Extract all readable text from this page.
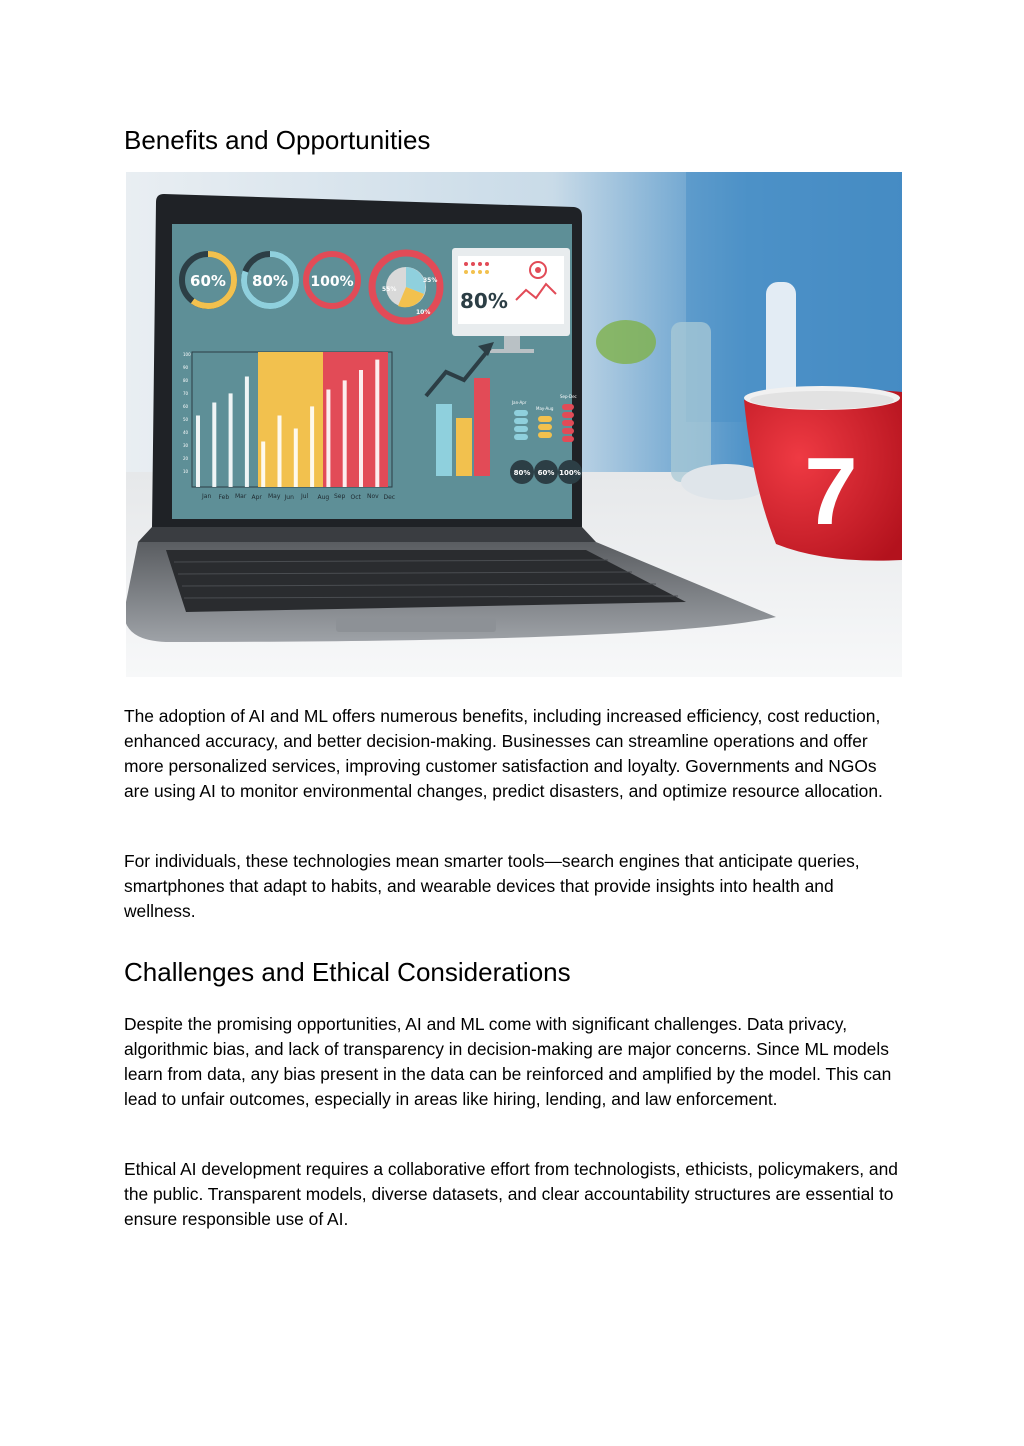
Benefits and Opportunities
60% 80% 100%	55%
35%
10% 80%
100
90
80
70
60
50
40
30
20
10
Jan Feb Mar Apr May Jun Jul Aug Sep Oct Nov Dec
Jan-Apr
May-Aug
Sep-Dec
80% 60% 100% 7

The adoption of AI and ML offers numerous benefits, including increased efficiency, cost reduction, enhanced accuracy, and better decision-making. Businesses can streamline operations and offer more personalized services, improving customer satisfaction and loyalty. Governments and NGOs are using AI to monitor environmental changes, predict disasters, and optimize resource allocation.

For individuals, these technologies mean smarter tools—search engines that anticipate queries, smartphones that adapt to habits, and wearable devices that provide insights into health and wellness.

Challenges and Ethical Considerations

Despite the promising opportunities, AI and ML come with significant challenges. Data privacy, algorithmic bias, and lack of transparency in decision-making are major concerns. Since ML models learn from data, any bias present in the data can be reinforced and amplified by the model. This can lead to unfair outcomes, especially in areas like hiring, lending, and law enforcement.

Ethical AI development requires a collaborative effort from technologists, ethicists, policymakers, and the public. Transparent models, diverse datasets, and clear accountability structures are essential to ensure responsible use of AI.
